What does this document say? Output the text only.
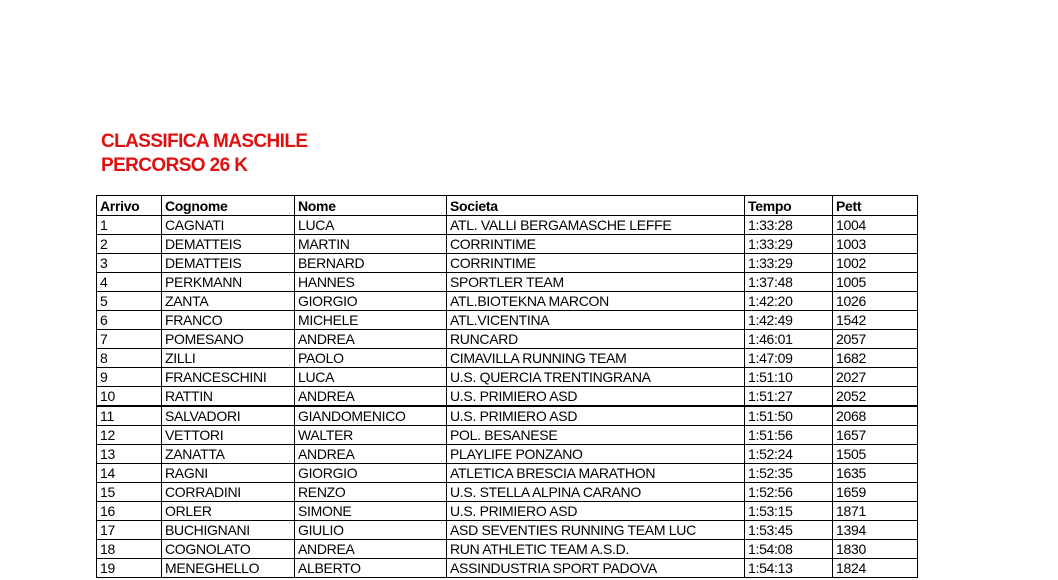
CLASSIFICA MASCHILE
PERCORSO 26 K
Arrivo	Cognome	Nome	Societa	Tempo	Pett
1	CAGNATI	LUCA	ATL. VALLI BERGAMASCHE LEFFE	1:33:28	1004
2	DEMATTEIS	MARTIN	CORRINTIME	1:33:29	1003
3	DEMATTEIS	BERNARD	CORRINTIME	1:33:29	1002
4	PERKMANN	HANNES	SPORTLER TEAM	1:37:48	1005
5	ZANTA	GIORGIO	ATL.BIOTEKNA MARCON	1:42:20	1026
6	FRANCO	MICHELE	ATL.VICENTINA	1:42:49	1542
7	POMESANO	ANDREA	RUNCARD	1:46:01	2057
8	ZILLI	PAOLO	CIMAVILLA RUNNING TEAM	1:47:09	1682
9	FRANCESCHINI	LUCA	U.S. QUERCIA TRENTINGRANA	1:51:10	2027
10	RATTIN	ANDREA	U.S. PRIMIERO ASD	1:51:27	2052
11	SALVADORI	GIANDOMENICO	U.S. PRIMIERO ASD	1:51:50	2068
12	VETTORI	WALTER	POL. BESANESE	1:51:56	1657
13	ZANATTA	ANDREA	PLAYLIFE PONZANO	1:52:24	1505
14	RAGNI	GIORGIO	ATLETICA BRESCIA MARATHON	1:52:35	1635
15	CORRADINI	RENZO	U.S. STELLA ALPINA CARANO	1:52:56	1659
16	ORLER	SIMONE	U.S. PRIMIERO ASD	1:53:15	1871
17	BUCHIGNANI	GIULIO	ASD SEVENTIES RUNNING TEAM LUC	1:53:45	1394
18	COGNOLATO	ANDREA	RUN ATHLETIC TEAM A.S.D.	1:54:08	1830
19	MENEGHELLO	ALBERTO	ASSINDUSTRIA SPORT PADOVA	1:54:13	1824
